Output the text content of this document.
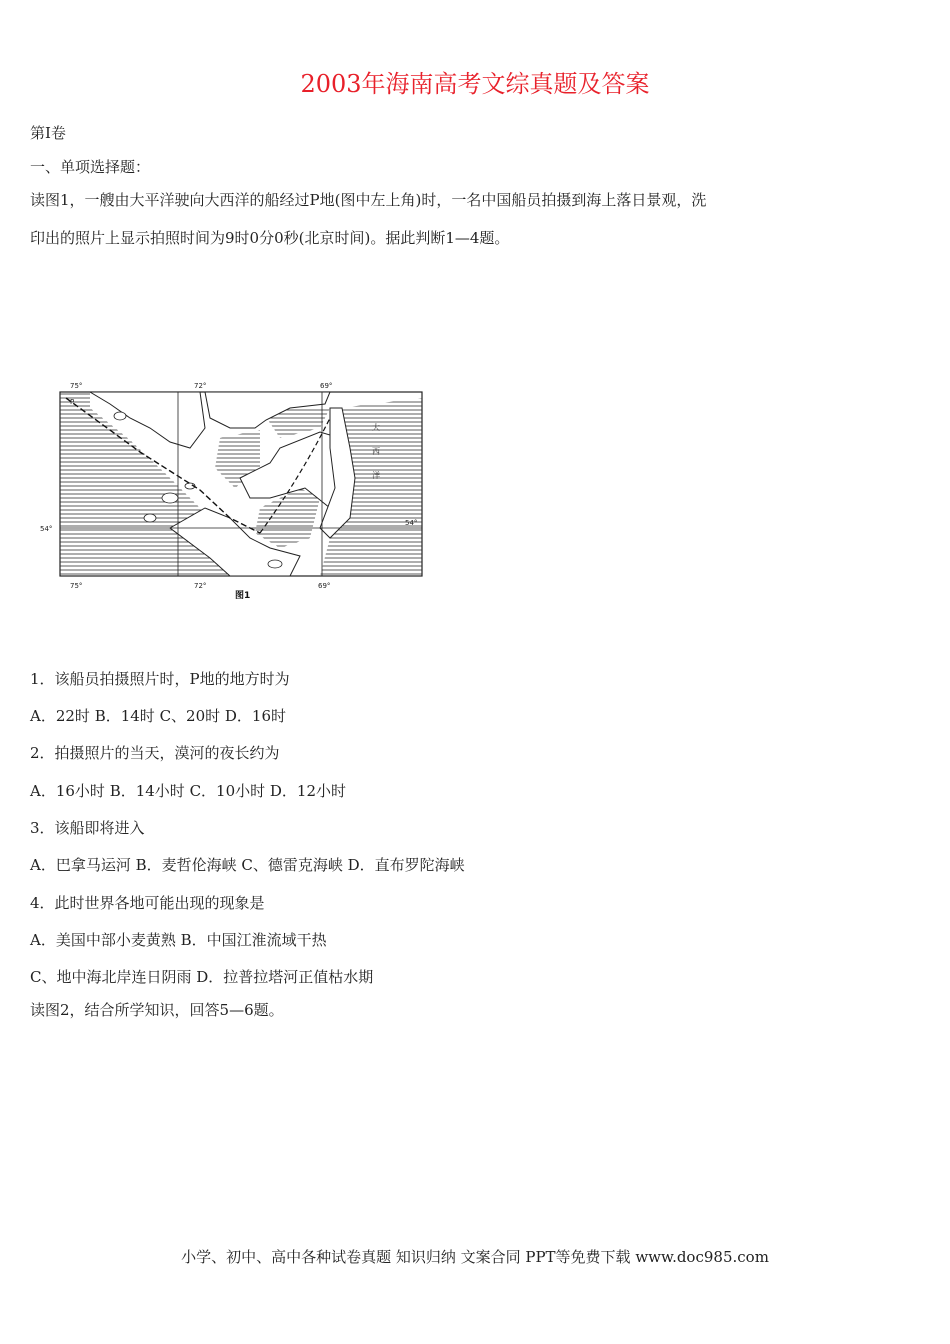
2003年海南高考文综真题及答案
第Ⅰ卷
一、单项选择题：
读图1，一艘由大平洋驶向大西洋的船经过P地(图中左上角)时，一名中国船员拍摄到海上落日景观，洗
印出的照片上显示拍照时间为9时0分0秒(北京时间)。据此判断1—4题。
75°	72°	69°
75°	72°	69°
54°
54°
P
大
西
洋
图1
1．该船员拍摄照片时，P地的地方时为
A．22时 B．14时 C、20时 D．16时
2．拍摄照片的当天，漠河的夜长约为
A．16小时 B．14小时 C．10小时 D．12小时
3．该船即将进入
A．巴拿马运河 B．麦哲伦海峡 C、德雷克海峡 D．直布罗陀海峡
4．此时世界各地可能出现的现象是
A．美国中部小麦黄熟 B．中国江淮流域干热
C、地中海北岸连日阴雨 D．拉普拉塔河正值枯水期
读图2，结合所学知识，回答5—6题。
小学、初中、高中各种试卷真题 知识归纳 文案合同 PPT等免费下载 www.doc985.com
